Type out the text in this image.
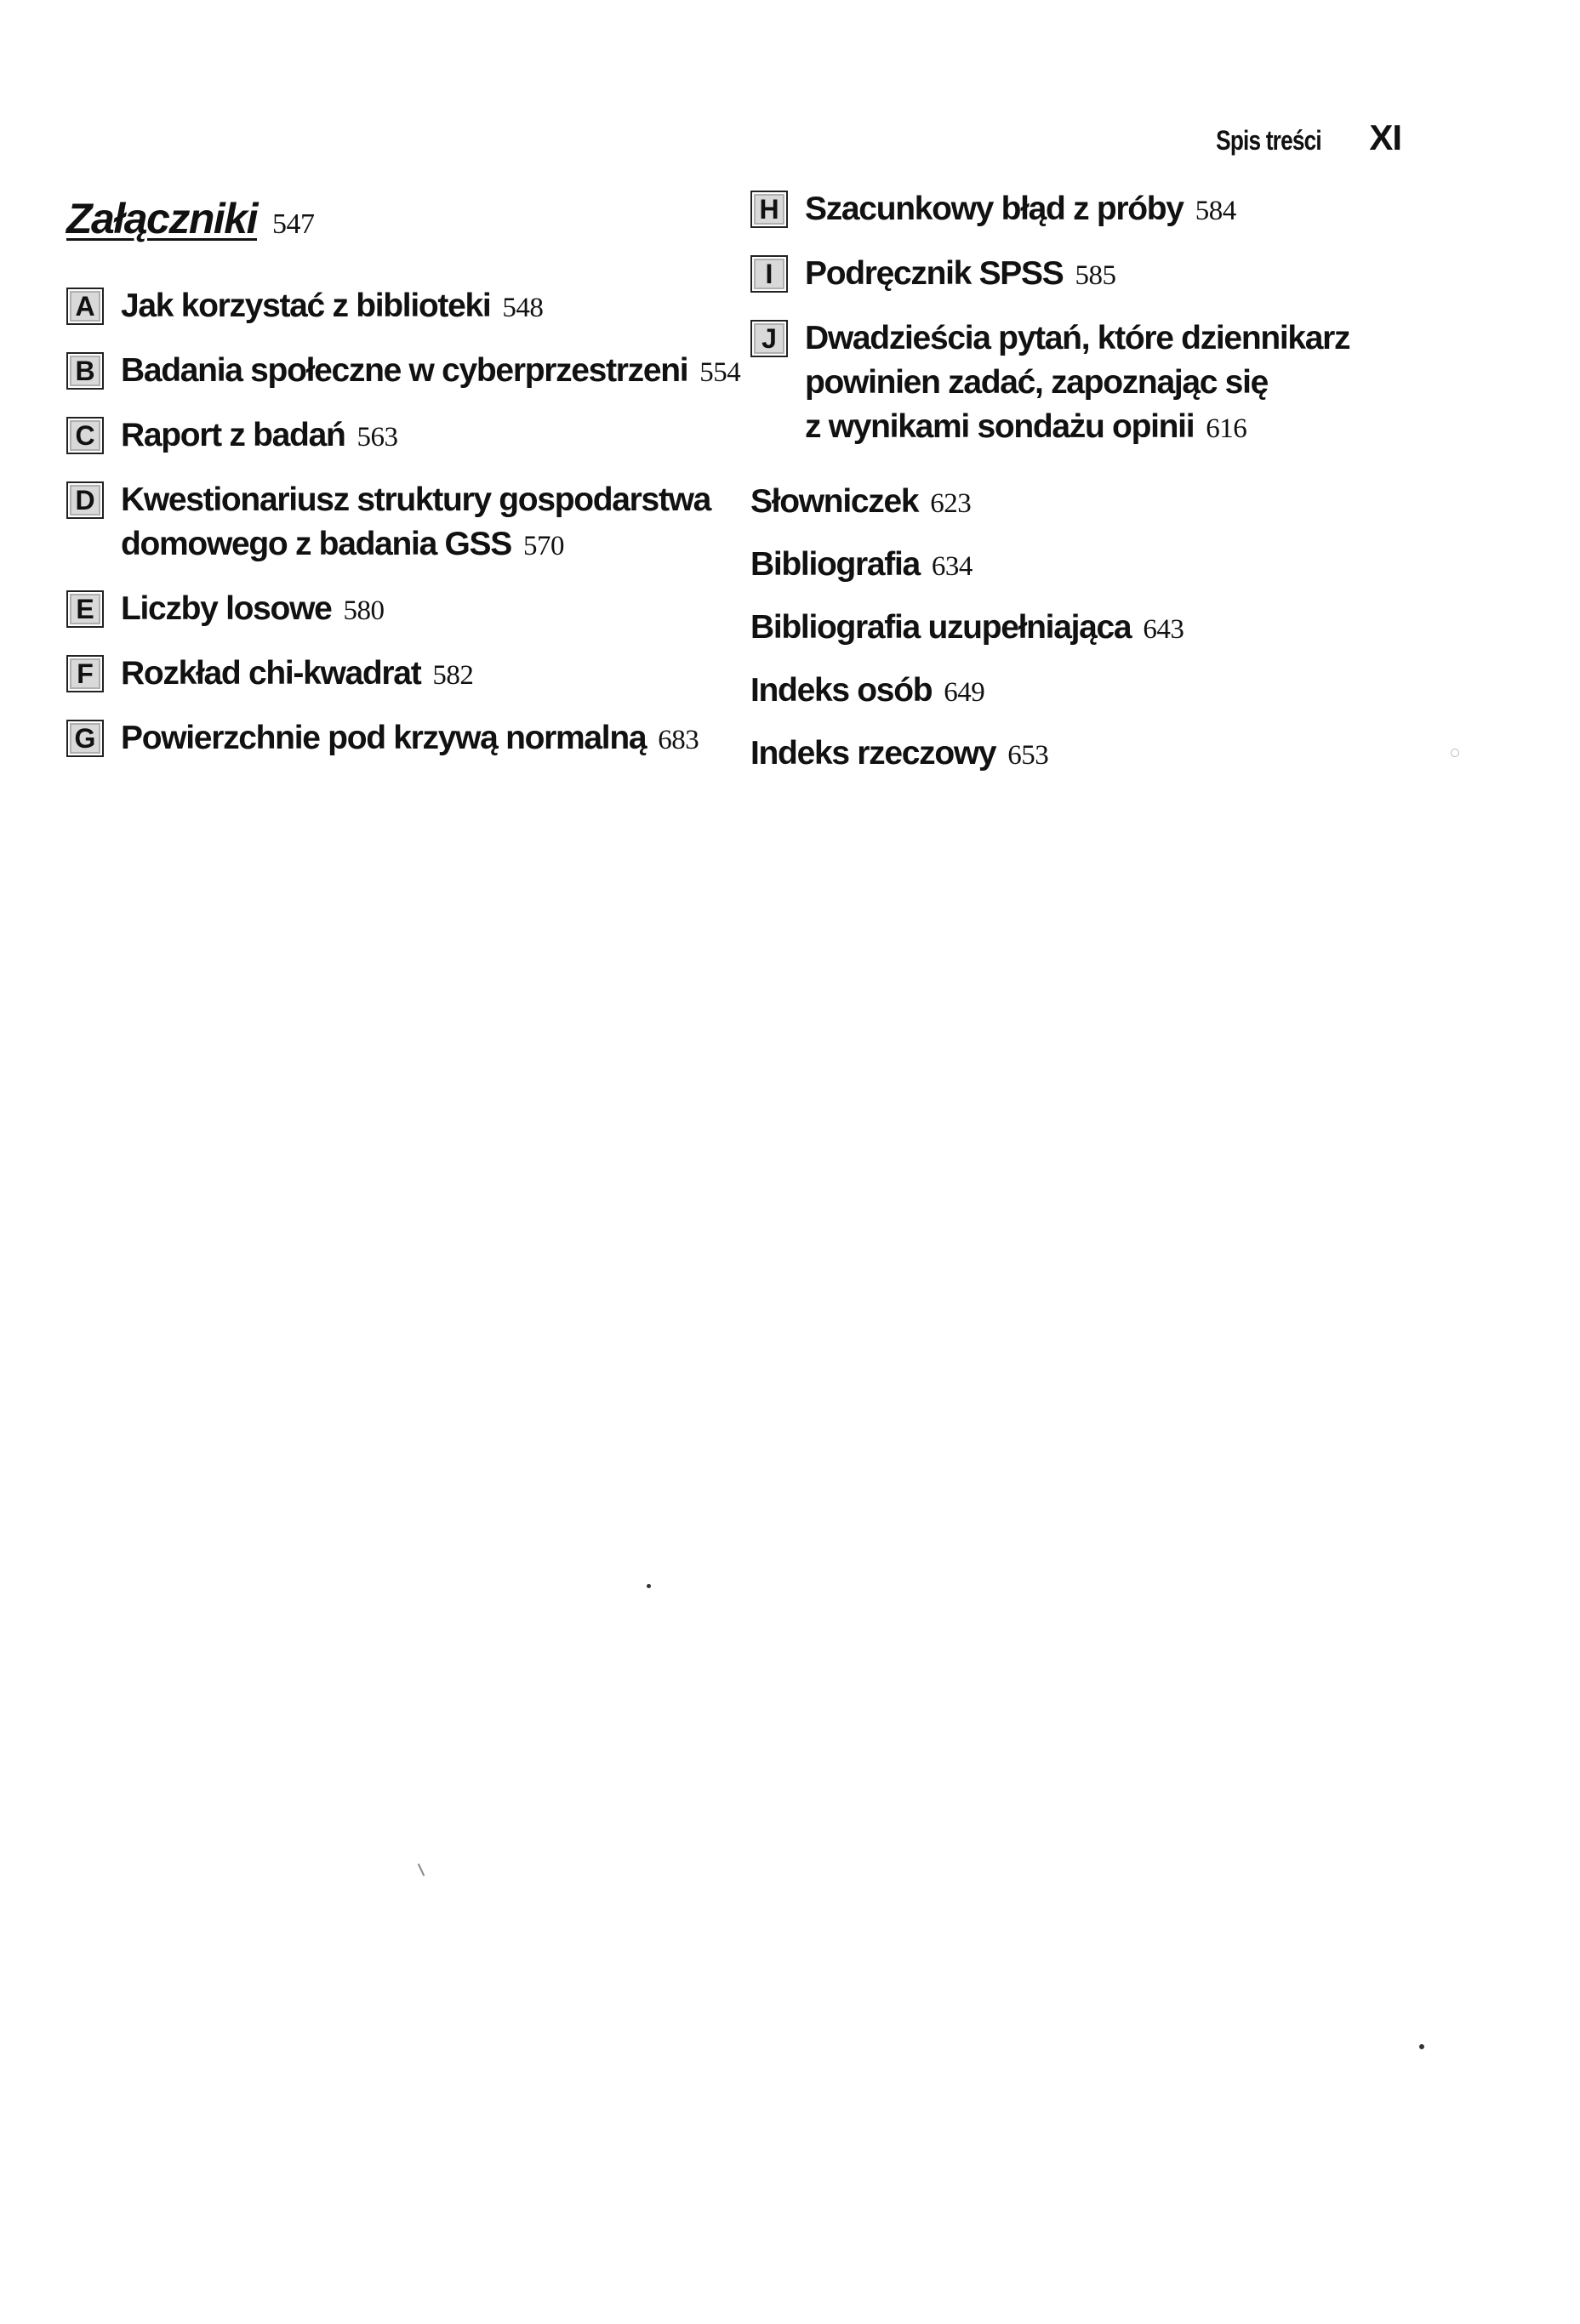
Spis treści XI
Załączniki 547
A Jak korzystać z biblioteki 548
B Badania społeczne w cyberprzestrzeni 554
C Raport z badań 563
D Kwestionariusz struktury gospodarstwa
domowego z badania GSS 570
E Liczby losowe 580
F Rozkład chi-kwadrat 582
G Powierzchnie pod krzywą normalną 683
H Szacunkowy błąd z próby 584
I Podręcznik SPSS 585
J Dwadzieścia pytań, które dziennikarz
powinien zadać, zapoznając się
z wynikami sondażu opinii 616
Słowniczek 623
Bibliografia 634
Bibliografia uzupełniająca 643
Indeks osób 649
Indeks rzeczowy 653
